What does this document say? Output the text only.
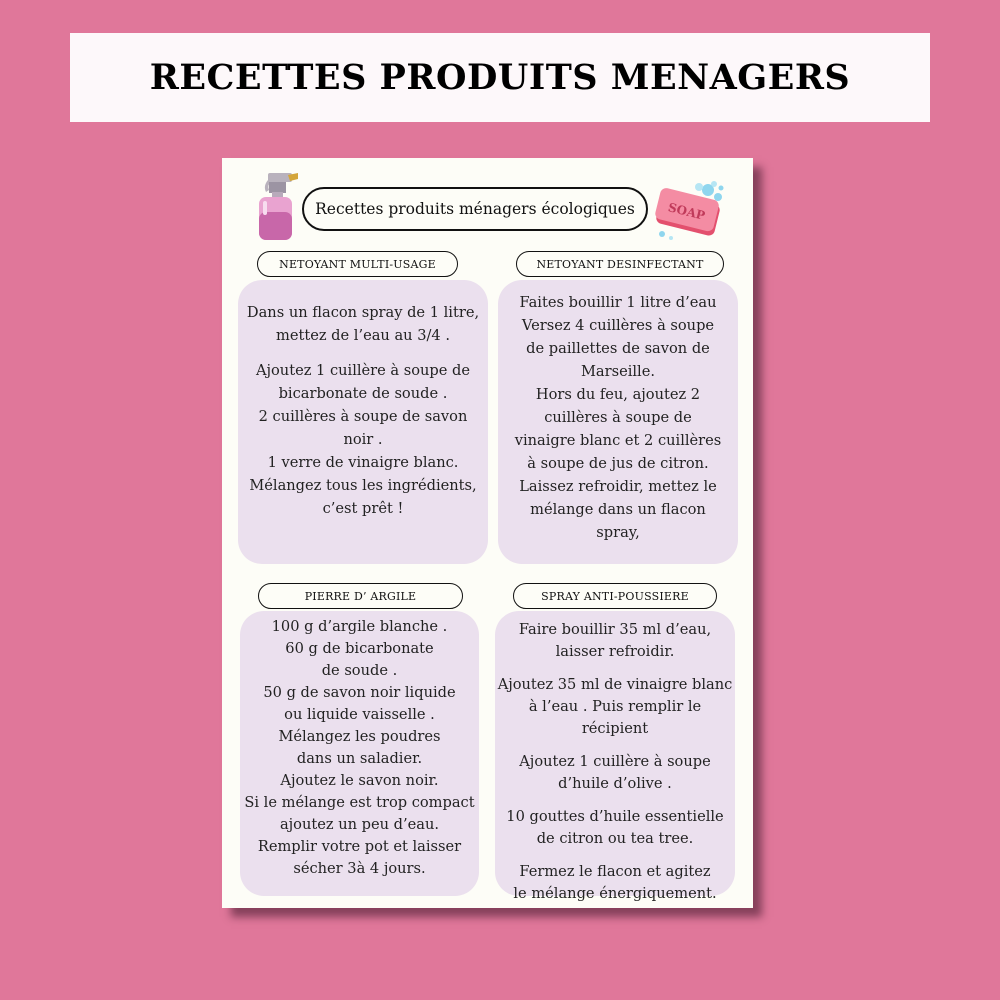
RECETTES PRODUITS MENAGERS
SOAP
Recettes produits ménagers écologiques
NETOYANT MULTI-USAGE	NETOYANT DESINFECTANT
PIERRE D’ ARGILE	SPRAY ANTI-POUSSIERE
Dans un flacon spray de 1 litre,
mettez de l’eau au 3/4 .
Ajoutez 1 cuillère à soupe de
bicarbonate de soude .
2 cuillères à soupe de savon
noir .
1 verre de vinaigre blanc.
Mélangez tous les ingrédients,
c’est prêt !
Faites bouillir 1 litre d’eau
Versez 4 cuillères à soupe
de paillettes de savon de
Marseille.
Hors du feu, ajoutez 2
cuillères à soupe de
vinaigre blanc et 2 cuillères
à soupe de jus de citron.
Laissez refroidir, mettez le
mélange dans un flacon
spray,
100 g d’argile blanche .
60 g de bicarbonate
de soude .
50 g de savon noir liquide
ou liquide vaisselle .
Mélangez les poudres
dans un saladier.
Ajoutez le savon noir.
Si le mélange est trop compact
ajoutez un peu d’eau.
Remplir votre pot et laisser
sécher 3à 4 jours.
Faire bouillir 35 ml d’eau,
laisser refroidir.
Ajoutez 35 ml de vinaigre blanc
à l’eau . Puis remplir le récipient
Ajoutez 1 cuillère à soupe
d’huile d’olive .
10 gouttes d’huile essentielle
de citron ou tea tree.
Fermez le flacon et agitez
le mélange énergiquement.
